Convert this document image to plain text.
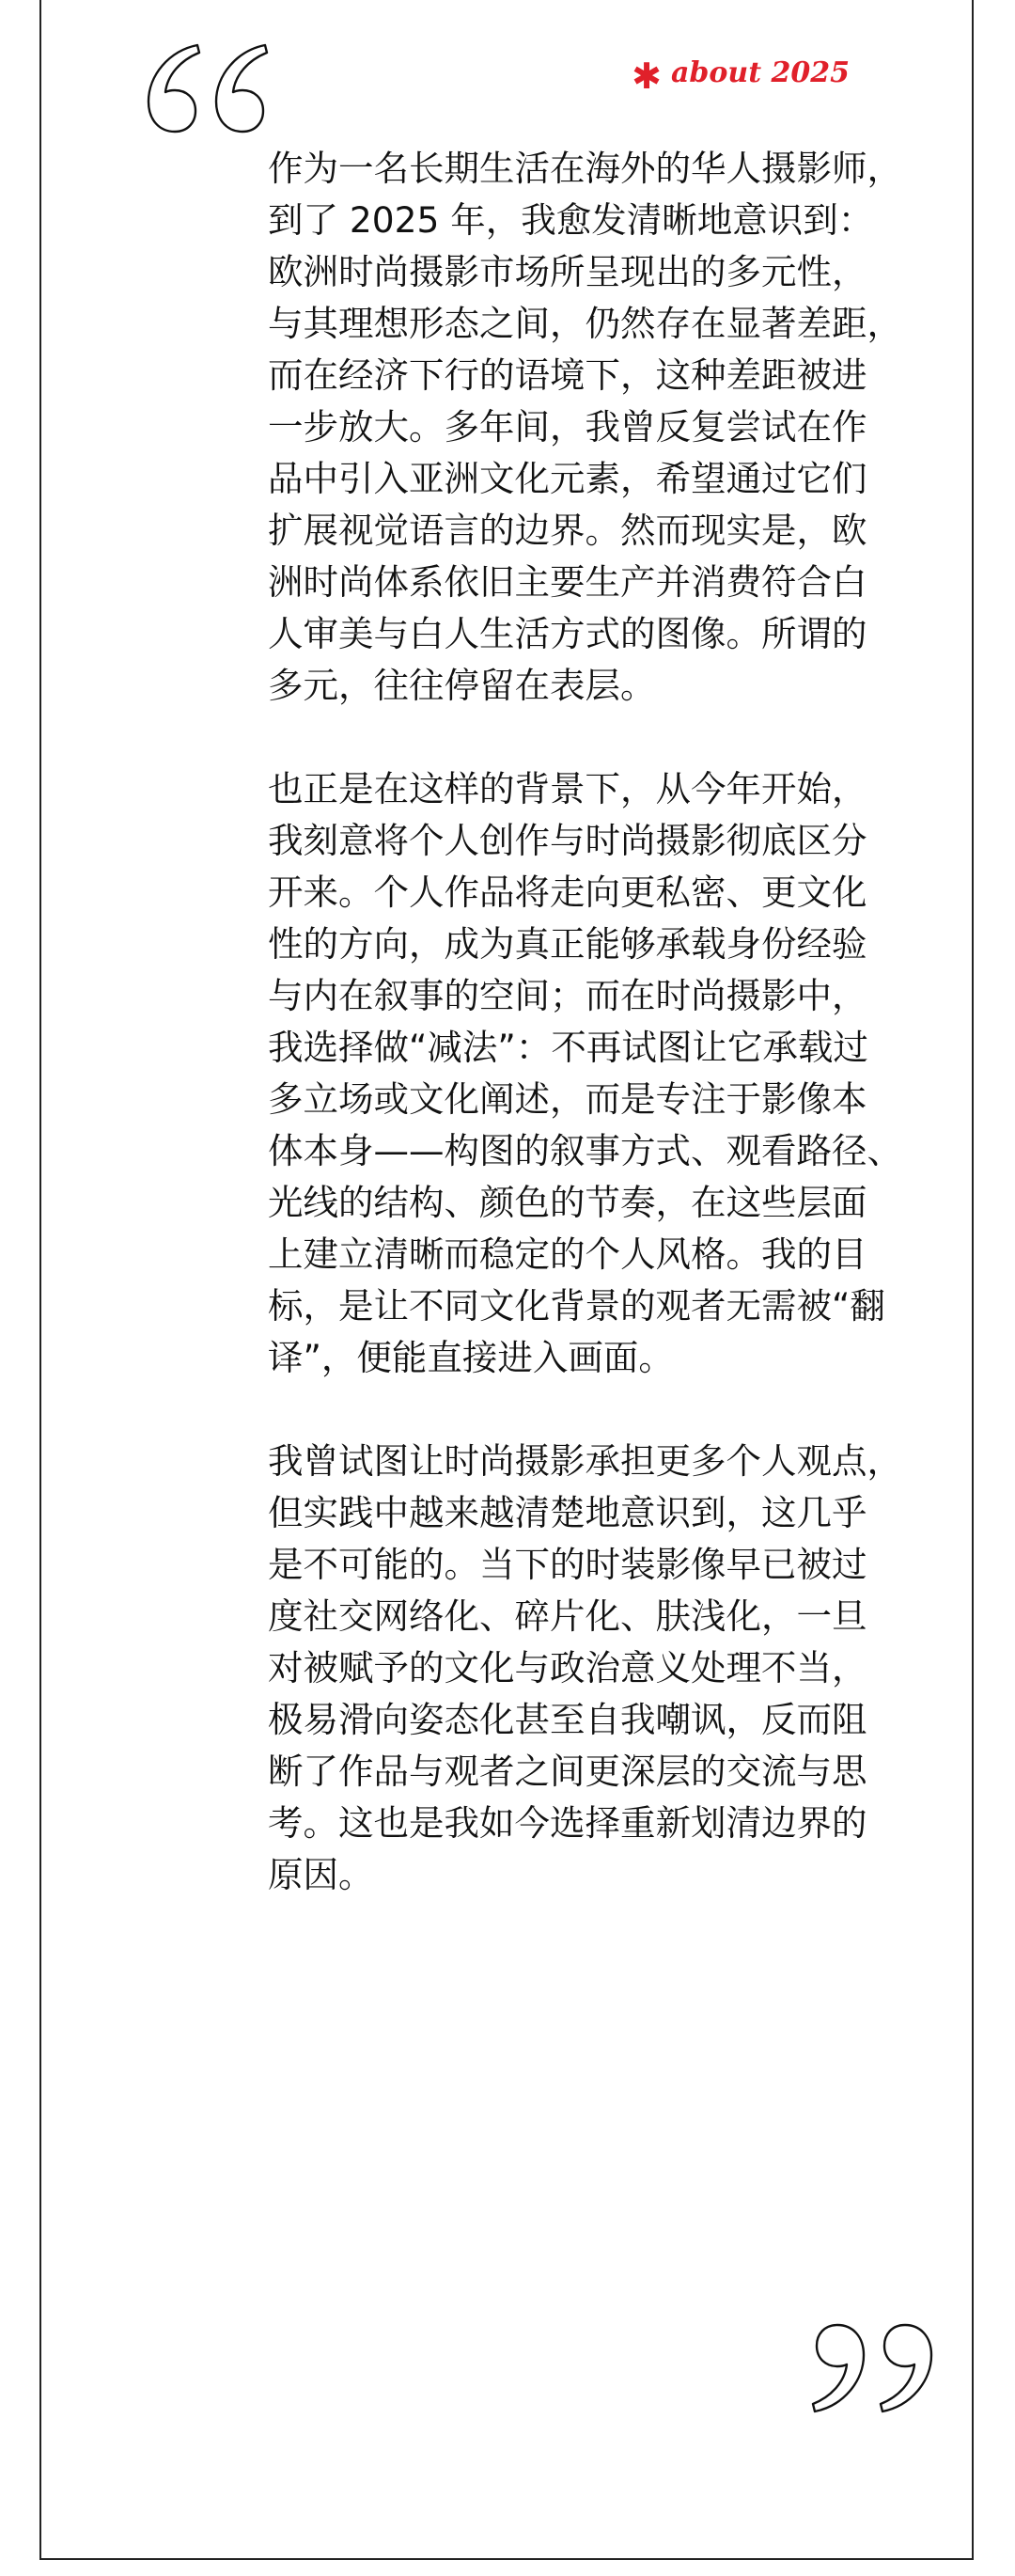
✱ about 2025

作为一名长期生活在海外的华人摄影师，
到了 2025 年，我愈发清晰地意识到：
欧洲时尚摄影市场所呈现出的多元性，
与其理想形态之间，仍然存在显著差距，
而在经济下行的语境下，这种差距被进
一步放大。多年间，我曾反复尝试在作
品中引入亚洲文化元素，希望通过它们
扩展视觉语言的边界。然而现实是，欧
洲时尚体系依旧主要生产并消费符合白
人审美与白人生活方式的图像。所谓的
多元，往往停留在表层。

也正是在这样的背景下，从今年开始，
我刻意将个人创作与时尚摄影彻底区分
开来。个人作品将走向更私密、更文化
性的方向，成为真正能够承载身份经验
与内在叙事的空间；而在时尚摄影中，
我选择做“减法”：不再试图让它承载过
多立场或文化阐述，而是专注于影像本
体本身——构图的叙事方式、观看路径、
光线的结构、颜色的节奏，在这些层面
上建立清晰而稳定的个人风格。我的目
标，是让不同文化背景的观者无需被“翻
译”，便能直接进入画面。

我曾试图让时尚摄影承担更多个人观点，
但实践中越来越清楚地意识到，这几乎
是不可能的。当下的时装影像早已被过
度社交网络化、碎片化、肤浅化，一旦
对被赋予的文化与政治意义处理不当，
极易滑向姿态化甚至自我嘲讽，反而阻
断了作品与观者之间更深层的交流与思
考。这也是我如今选择重新划清边界的
原因。
